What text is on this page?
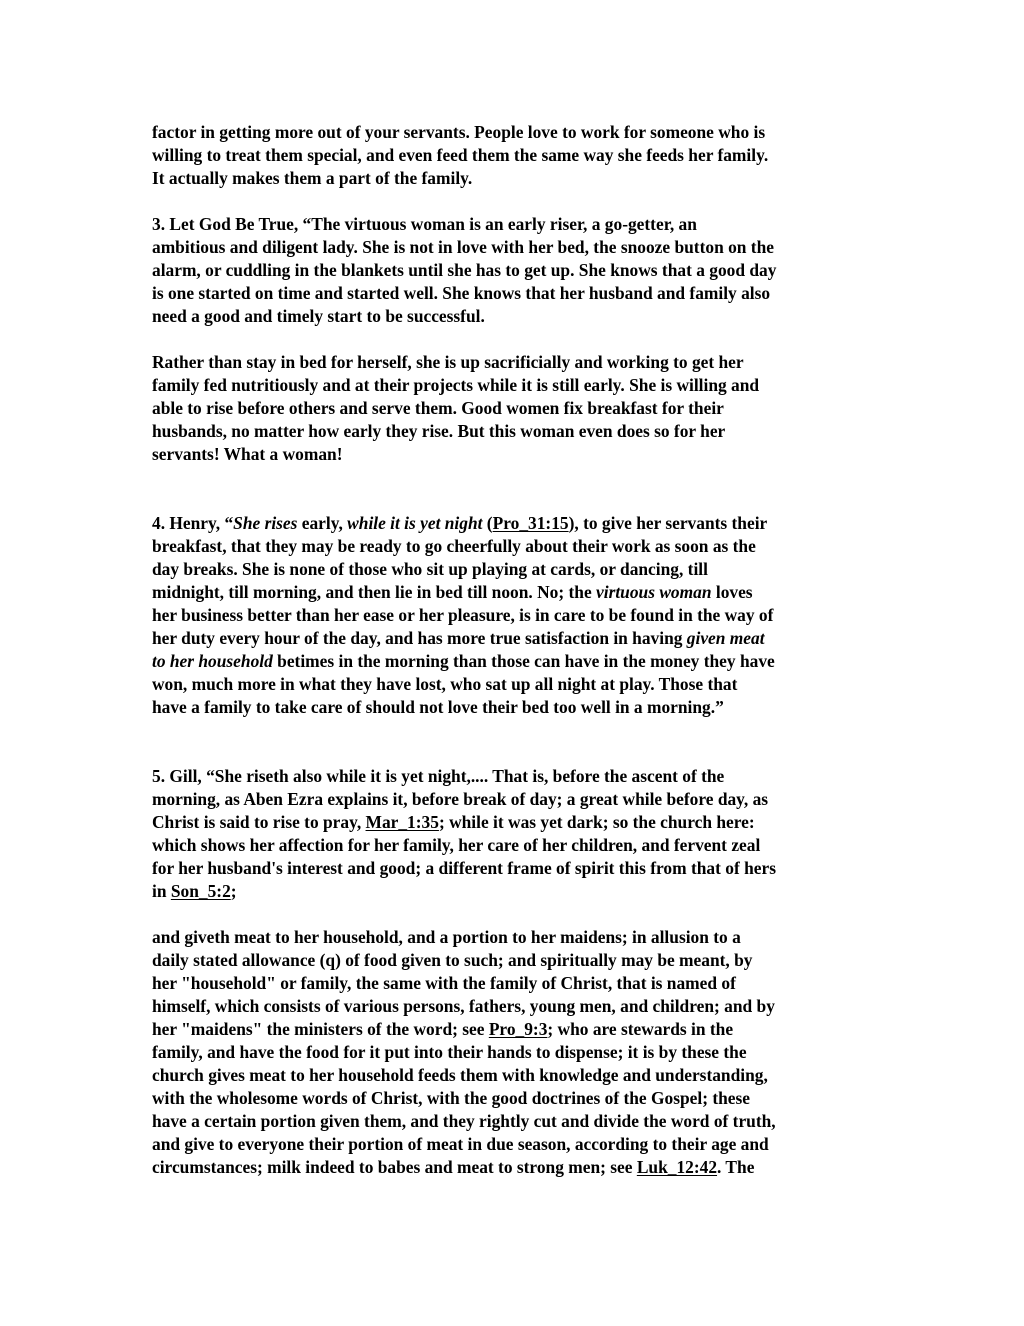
factor in getting more out of your servants. People love to work for someone who is
willing to treat them special, and even feed them the same way she feeds her family.
It actually makes them a part of the family.
3. Let God Be True, “The virtuous woman is an early riser, a go-getter, an
ambitious and diligent lady. She is not in love with her bed, the snooze button on the
alarm, or cuddling in the blankets until she has to get up. She knows that a good day
is one started on time and started well. She knows that her husband and family also
need a good and timely start to be successful.
Rather than stay in bed for herself, she is up sacrificially and working to get her
family fed nutritiously and at their projects while it is still early. She is willing and
able to rise before others and serve them. Good women fix breakfast for their
husbands, no matter how early they rise. But this woman even does so for her
servants! What a woman!
4. Henry, “She rises early, while it is yet night (Pro_31:15), to give her servants their
breakfast, that they may be ready to go cheerfully about their work as soon as the
day breaks. She is none of those who sit up playing at cards, or dancing, till
midnight, till morning, and then lie in bed till noon. No; the virtuous woman loves
her business better than her ease or her pleasure, is in care to be found in the way of
her duty every hour of the day, and has more true satisfaction in having given meat
to her household betimes in the morning than those can have in the money they have
won, much more in what they have lost, who sat up all night at play. Those that
have a family to take care of should not love their bed too well in a morning.”
5. Gill, “She riseth also while it is yet night,.... That is, before the ascent of the
morning, as Aben Ezra explains it, before break of day; a great while before day, as
Christ is said to rise to pray, Mar_1:35; while it was yet dark; so the church here:
which shows her affection for her family, her care of her children, and fervent zeal
for her husband's interest and good; a different frame of spirit this from that of hers
in Son_5:2;
and giveth meat to her household, and a portion to her maidens; in allusion to a
daily stated allowance (q) of food given to such; and spiritually may be meant, by
her "household" or family, the same with the family of Christ, that is named of
himself, which consists of various persons, fathers, young men, and children; and by
her "maidens" the ministers of the word; see Pro_9:3; who are stewards in the
family, and have the food for it put into their hands to dispense; it is by these the
church gives meat to her household feeds them with knowledge and understanding,
with the wholesome words of Christ, with the good doctrines of the Gospel; these
have a certain portion given them, and they rightly cut and divide the word of truth,
and give to everyone their portion of meat in due season, according to their age and
circumstances; milk indeed to babes and meat to strong men; see Luk_12:42. The
